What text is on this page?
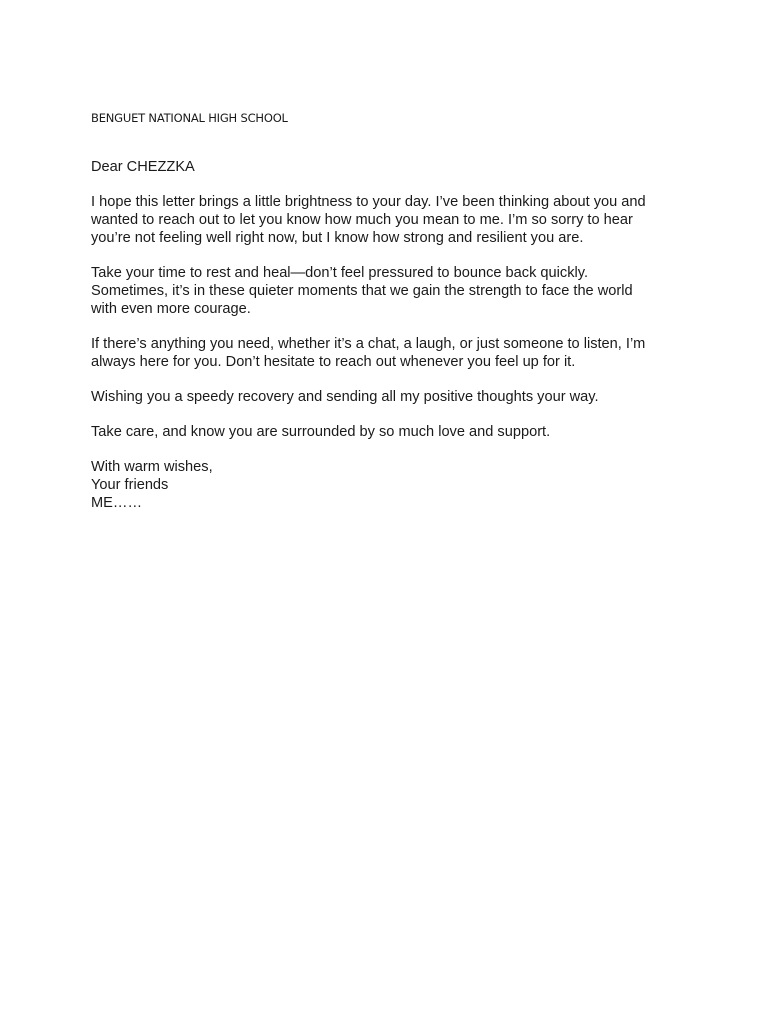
BENGUET NATIONAL HIGH SCHOOL

Dear CHEZZKA

I hope this letter brings a little brightness to your day. I’ve been thinking about you and
wanted to reach out to let you know how much you mean to me. I’m so sorry to hear
you’re not feeling well right now, but I know how strong and resilient you are.

Take your time to rest and heal—don’t feel pressured to bounce back quickly.
Sometimes, it’s in these quieter moments that we gain the strength to face the world
with even more courage.

If there’s anything you need, whether it’s a chat, a laugh, or just someone to listen, I’m
always here for you. Don’t hesitate to reach out whenever you feel up for it.

Wishing you a speedy recovery and sending all my positive thoughts your way.

Take care, and know you are surrounded by so much love and support.

With warm wishes,
Your friends
ME……
